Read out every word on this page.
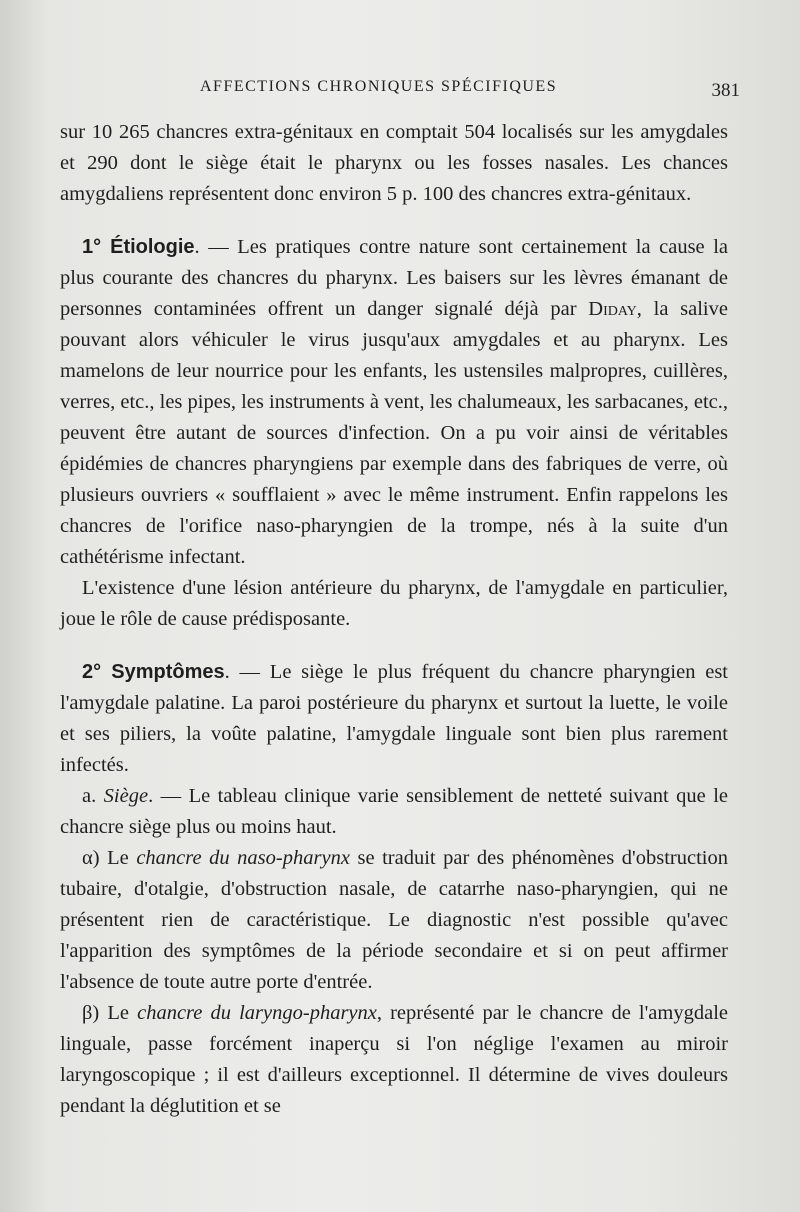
AFFECTIONS CHRONIQUES SPÉCIFIQUES	381

sur 10 265 chancres extra-génitaux en comptait 504 localisés sur les amygdales et 290 dont le siège était le pharynx ou les fosses nasales. Les chances amygdaliens représentent donc environ 5 p. 100 des chancres extra-génitaux.

1° Étiologie. — Les pratiques contre nature sont certainement la cause la plus courante des chancres du pharynx. Les baisers sur les lèvres émanant de personnes contaminées offrent un danger signalé déjà par Diday, la salive pouvant alors véhiculer le virus jusqu'aux amygdales et au pharynx. Les mamelons de leur nourrice pour les enfants, les ustensiles malpropres, cuillères, verres, etc., les pipes, les instruments à vent, les chalumeaux, les sarbacanes, etc., peuvent être autant de sources d'infection. On a pu voir ainsi de véritables épidémies de chancres pharyngiens par exemple dans des fabriques de verre, où plusieurs ouvriers « soufflaient » avec le même instrument. Enfin rappelons les chancres de l'orifice naso-pharyngien de la trompe, nés à la suite d'un cathétérisme infectant.

L'existence d'une lésion antérieure du pharynx, de l'amygdale en particulier, joue le rôle de cause prédisposante.

2° Symptômes. — Le siège le plus fréquent du chancre pharyngien est l'amygdale palatine. La paroi postérieure du pharynx et surtout la luette, le voile et ses piliers, la voûte palatine, l'amygdale linguale sont bien plus rarement infectés.

a. Siège. — Le tableau clinique varie sensiblement de netteté suivant que le chancre siège plus ou moins haut.

α) Le chancre du naso-pharynx se traduit par des phénomènes d'obstruction tubaire, d'otalgie, d'obstruction nasale, de catarrhe naso-pharyngien, qui ne présentent rien de caractéristique. Le diagnostic n'est possible qu'avec l'apparition des symptômes de la période secondaire et si on peut affirmer l'absence de toute autre porte d'entrée.

β) Le chancre du laryngo-pharynx, représenté par le chancre de l'amygdale linguale, passe forcément inaperçu si l'on néglige l'examen au miroir laryngoscopique ; il est d'ailleurs exceptionnel. Il détermine de vives douleurs pendant la déglutition et se
